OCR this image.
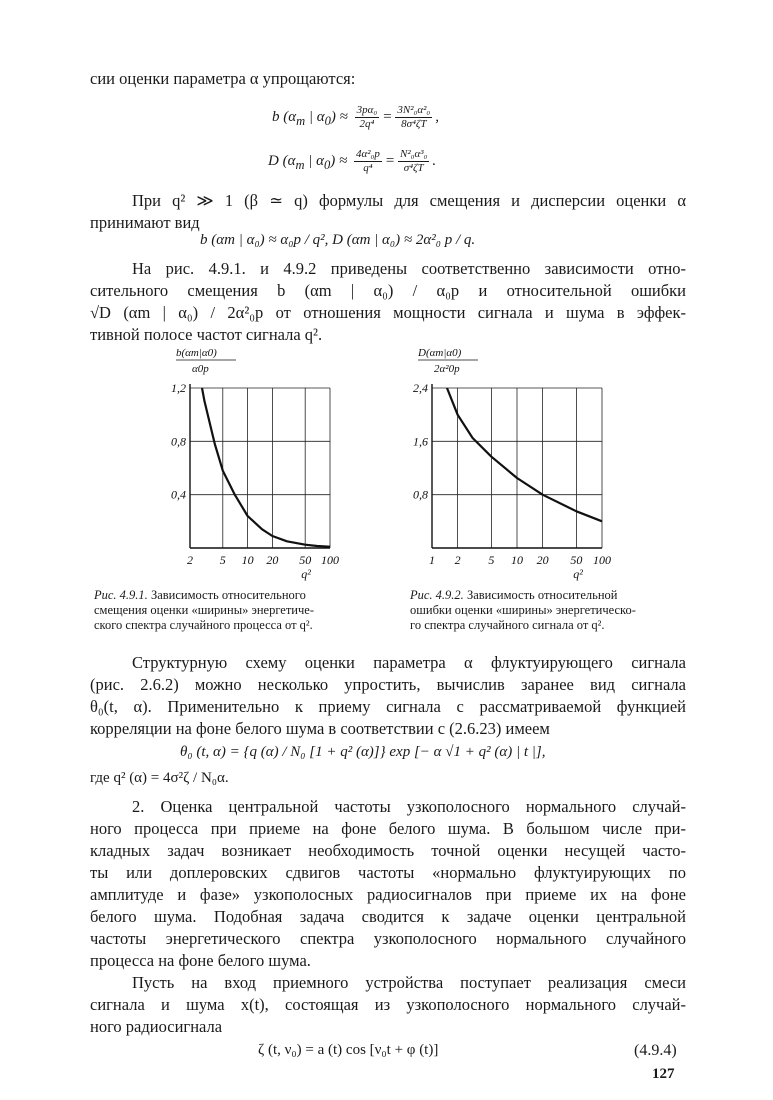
сии оценки параметра α упрощаются:
b ($\alpha_m$ | $\alpha_0) \approx \frac{\text{3pα₀}}{\text{2q⁴}} = \frac{\text{3N²₀α²₀}}{\text{8σ⁴ζT}}$ ,
D ($\alpha_m$ | $\alpha_0) \approx \frac{\text{4α²₀p}}{\text{q⁴}} = \frac{\text{N²₀α³₀}}{\text{σ⁴ζT}}$ .
При q² ≫ 1 (β ≃ q) формулы для смещения и дисперсии оценки α
принимают вид
b (αm | α₀) ≈ α₀p / q², D (αm | α₀) ≈ 2α²₀ p / q.
На рис. 4.9.1. и 4.9.2 приведены соответственно зависимости отно-
сительного смещения b (αm | α₀) / α₀p и относительной ошибки
√D (αm | α₀) / 2α²₀p от отношения мощности сигнала и шума в эффек-
тивной полосе частот сигнала q².
2 5 10 20 50 100
0,4
0,8
1,2
q²
b(αm|α0)
α0p
1 2 5 10 20 50 100
0,8
1,6
2,4
q²
D(αm|α0)
2α²0p
Рис. 4.9.1. Зависимость относительного
смещения оценки «ширины» энергетиче-
ского спектра случайного процесса от q².
Рис. 4.9.2. Зависимость относительной
ошибки оценки «ширины» энергетическо-
го спектра случайного сигнала от q².
Структурную схему оценки параметра α флуктуирующего сигнала
(рис. 2.6.2) можно несколько упростить, вычислив заранее вид сигнала
θ₀(t, α). Применительно к приему сигнала с рассматриваемой функцией
корреляции на фоне белого шума в соответствии с (2.6.23) имеем
θ₀ (t, α) = {q (α) / N₀ [1 + q² (α)]} exp [− α √1 + q² (α) | t |],
где q² (α) = 4σ²ζ / N₀α.
2. Оценка центральной частоты узкополосного нормального случай-
ного процесса при приеме на фоне белого шума. В большом числе при-
кладных задач возникает необходимость точной оценки несущей часто-
ты или доплеровских сдвигов частоты «нормально флуктуирующих по
амплитуде и фазе» узкополосных радиосигналов при приеме их на фоне
белого шума. Подобная задача сводится к задаче оценки центральной
частоты энергетического спектра узкополосного нормального случайного
процесса на фоне белого шума.
Пусть на вход приемного устройства поступает реализация смеси
сигнала и шума x(t), состоящая из узкополосного нормального случай-
ного радиосигнала
ζ (t, ν₀) = a (t) cos [ν₀t + φ (t)]	(4.9.4)
127
